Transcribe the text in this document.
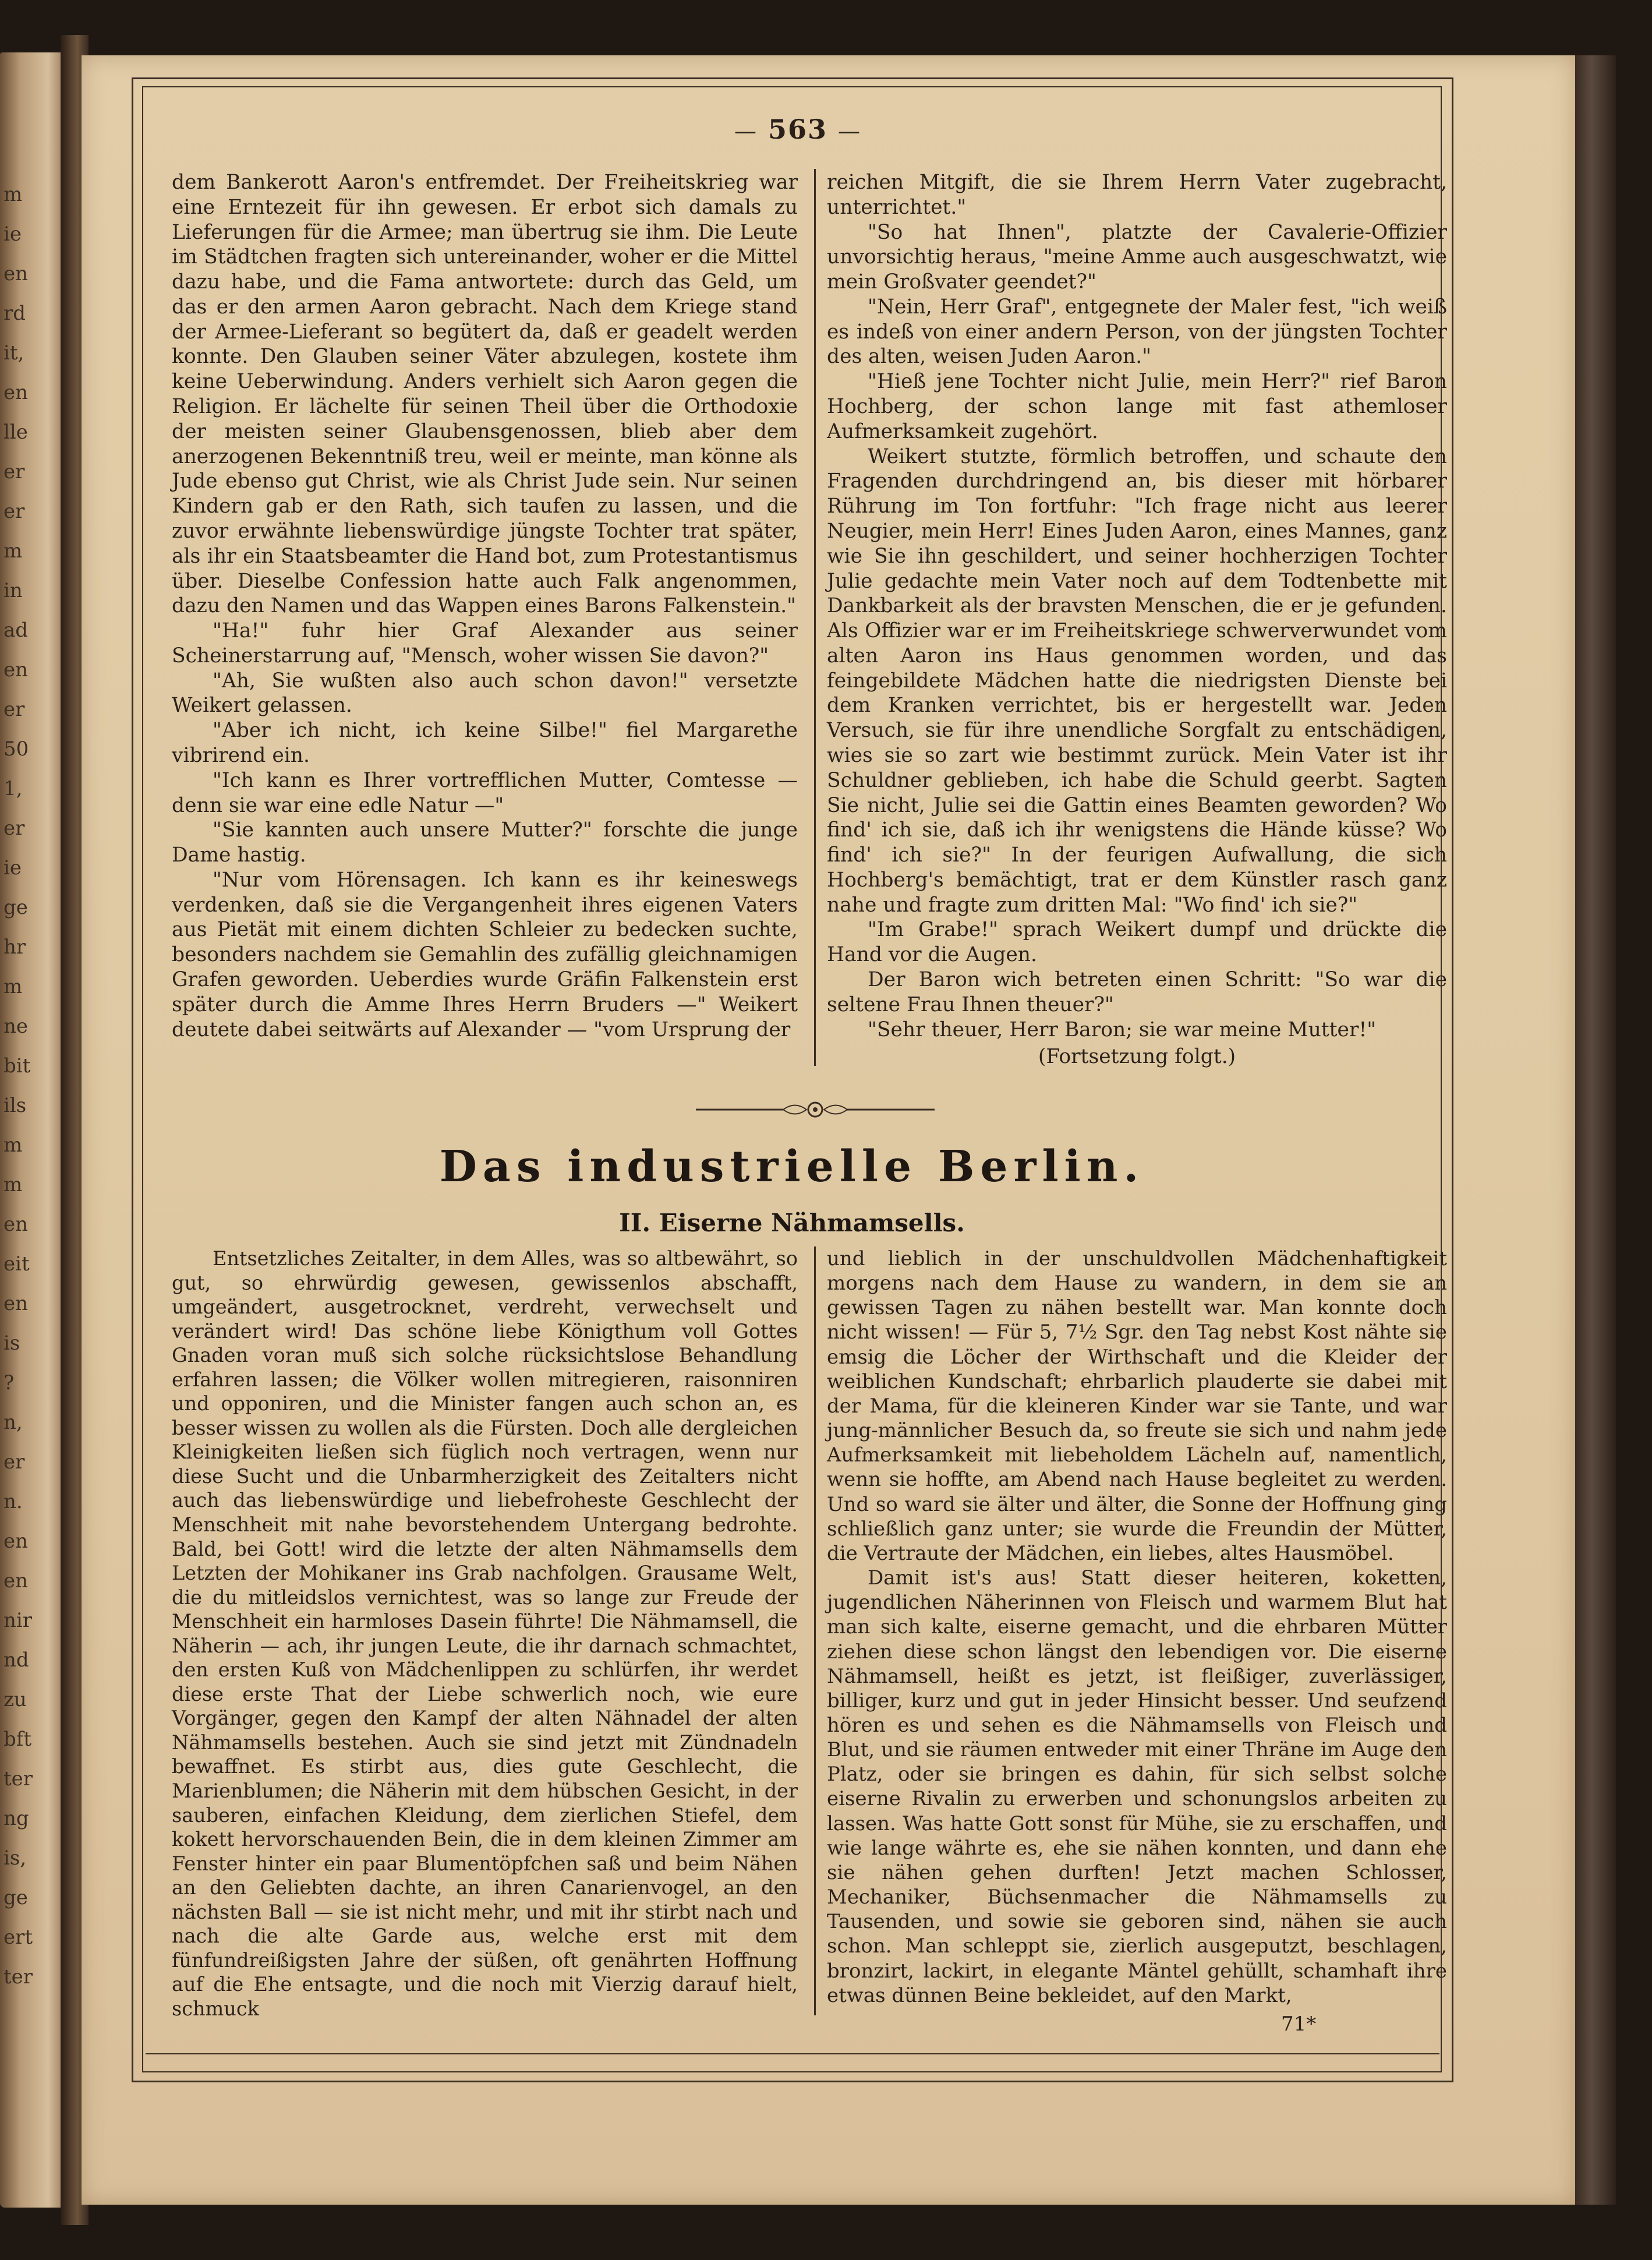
m
ie
en
rd
it,
en
lle
er
er
m
in
ad
en
er
50
1,
er
ie
ge
hr
m
ne
bit
ils
m
m
en
eit
en
is
?
n,
er
n.
en
en
nir
nd
zu
bft
ter
ng
is,
ge
ert
ter
— 563 —

dem Bankerott Aaron's entfremdet. Der Freiheitskrieg war eine Erntezeit für ihn gewesen. Er erbot sich damals zu Lieferungen für die Armee; man übertrug sie ihm. Die Leute im Städtchen fragten sich untereinander, woher er die Mittel dazu habe, und die Fama antwortete: durch das Geld, um das er den armen Aaron gebracht. Nach dem Kriege stand der Armee-Lieferant so begütert da, daß er geadelt werden konnte. Den Glauben seiner Väter abzulegen, kostete ihm keine Ueberwindung. Anders verhielt sich Aaron gegen die Religion. Er lächelte für seinen Theil über die Orthodoxie der meisten seiner Glaubensgenossen, blieb aber dem anerzogenen Bekenntniß treu, weil er meinte, man könne als Jude ebenso gut Christ, wie als Christ Jude sein. Nur seinen Kindern gab er den Rath, sich taufen zu lassen, und die zuvor erwähnte liebenswürdige jüngste Tochter trat später, als ihr ein Staatsbeamter die Hand bot, zum Protestantismus über. Dieselbe Confession hatte auch Falk angenommen, dazu den Namen und das Wappen eines Barons Falkenstein."

"Ha!" fuhr hier Graf Alexander aus seiner Scheinerstarrung auf, "Mensch, woher wissen Sie davon?"

"Ah, Sie wußten also auch schon davon!" versetzte Weikert gelassen.

"Aber ich nicht, ich keine Silbe!" fiel Margarethe vibrirend ein.

"Ich kann es Ihrer vortrefflichen Mutter, Comtesse — denn sie war eine edle Natur —"

"Sie kannten auch unsere Mutter?" forschte die junge Dame hastig.

"Nur vom Hörensagen. Ich kann es ihr keineswegs verdenken, daß sie die Vergangenheit ihres eigenen Vaters aus Pietät mit einem dichten Schleier zu bedecken suchte, besonders nachdem sie Gemahlin des zufällig gleichnamigen Grafen geworden. Ueberdies wurde Gräfin Falkenstein erst später durch die Amme Ihres Herrn Bruders —" Weikert deutete dabei seitwärts auf Alexander — "vom Ursprung der

reichen Mitgift, die sie Ihrem Herrn Vater zugebracht, unterrichtet."

"So hat Ihnen", platzte der Cavalerie-Offizier unvorsichtig heraus, "meine Amme auch ausgeschwatzt, wie mein Großvater geendet?"

"Nein, Herr Graf", entgegnete der Maler fest, "ich weiß es indeß von einer andern Person, von der jüngsten Tochter des alten, weisen Juden Aaron."

"Hieß jene Tochter nicht Julie, mein Herr?" rief Baron Hochberg, der schon lange mit fast athemloser Aufmerksamkeit zugehört.

Weikert stutzte, förmlich betroffen, und schaute den Fragenden durchdringend an, bis dieser mit hörbarer Rührung im Ton fortfuhr: "Ich frage nicht aus leerer Neugier, mein Herr! Eines Juden Aaron, eines Mannes, ganz wie Sie ihn geschildert, und seiner hochherzigen Tochter Julie gedachte mein Vater noch auf dem Todtenbette mit Dankbarkeit als der bravsten Menschen, die er je gefunden. Als Offizier war er im Freiheitskriege schwerverwundet vom alten Aaron ins Haus genommen worden, und das feingebildete Mädchen hatte die niedrigsten Dienste bei dem Kranken verrichtet, bis er hergestellt war. Jeden Versuch, sie für ihre unendliche Sorgfalt zu entschädigen, wies sie so zart wie bestimmt zurück. Mein Vater ist ihr Schuldner geblieben, ich habe die Schuld geerbt. Sagten Sie nicht, Julie sei die Gattin eines Beamten geworden? Wo find' ich sie, daß ich ihr wenigstens die Hände küsse? Wo find' ich sie?" In der feurigen Aufwallung, die sich Hochberg's bemächtigt, trat er dem Künstler rasch ganz nahe und fragte zum dritten Mal: "Wo find' ich sie?"

"Im Grabe!" sprach Weikert dumpf und drückte die Hand vor die Augen.

Der Baron wich betreten einen Schritt: "So war die seltene Frau Ihnen theuer?"

"Sehr theuer, Herr Baron; sie war meine Mutter!"

(Fortsetzung folgt.)

Das industrielle Berlin.
II. Eiserne Nähmamsells.

Entsetzliches Zeitalter, in dem Alles, was so altbewährt, so gut, so ehrwürdig gewesen, gewissenlos abschafft, umgeändert, ausgetrocknet, verdreht, verwechselt und verändert wird! Das schöne liebe Königthum voll Gottes Gnaden voran muß sich solche rücksichtslose Behandlung erfahren lassen; die Völker wollen mitregieren, raisonniren und opponiren, und die Minister fangen auch schon an, es besser wissen zu wollen als die Fürsten. Doch alle dergleichen Kleinigkeiten ließen sich füglich noch vertragen, wenn nur diese Sucht und die Unbarmherzigkeit des Zeitalters nicht auch das liebenswürdige und liebefroheste Geschlecht der Menschheit mit nahe bevorstehendem Untergang bedrohte. Bald, bei Gott! wird die letzte der alten Nähmamsells dem Letzten der Mohikaner ins Grab nachfolgen. Grausame Welt, die du mitleidslos vernichtest, was so lange zur Freude der Menschheit ein harmloses Dasein führte! Die Nähmamsell, die Näherin — ach, ihr jungen Leute, die ihr darnach schmachtet, den ersten Kuß von Mädchenlippen zu schlürfen, ihr werdet diese erste That der Liebe schwerlich noch, wie eure Vorgänger, gegen den Kampf der alten Nähnadel der alten Nähmamsells bestehen. Auch sie sind jetzt mit Zündnadeln bewaffnet. Es stirbt aus, dies gute Geschlecht, die Marienblumen; die Näherin mit dem hübschen Gesicht, in der sauberen, einfachen Kleidung, dem zierlichen Stiefel, dem kokett hervorschauenden Bein, die in dem kleinen Zimmer am Fenster hinter ein paar Blumentöpfchen saß und beim Nähen an den Geliebten dachte, an ihren Canarienvogel, an den nächsten Ball — sie ist nicht mehr, und mit ihr stirbt nach und nach die alte Garde aus, welche erst mit dem fünfundreißigsten Jahre der süßen, oft genährten Hoffnung auf die Ehe entsagte, und die noch mit Vierzig darauf hielt, schmuck

und lieblich in der unschuldvollen Mädchenhaftigkeit morgens nach dem Hause zu wandern, in dem sie an gewissen Tagen zu nähen bestellt war. Man konnte doch nicht wissen! — Für 5, 7½ Sgr. den Tag nebst Kost nähte sie emsig die Löcher der Wirthschaft und die Kleider der weiblichen Kundschaft; ehrbarlich plauderte sie dabei mit der Mama, für die kleineren Kinder war sie Tante, und war jung-männlicher Besuch da, so freute sie sich und nahm jede Aufmerksamkeit mit liebeholdem Lächeln auf, namentlich, wenn sie hoffte, am Abend nach Hause begleitet zu werden. Und so ward sie älter und älter, die Sonne der Hoffnung ging schließlich ganz unter; sie wurde die Freundin der Mütter, die Vertraute der Mädchen, ein liebes, altes Hausmöbel.

Damit ist's aus! Statt dieser heiteren, koketten, jugendlichen Näherinnen von Fleisch und warmem Blut hat man sich kalte, eiserne gemacht, und die ehrbaren Mütter ziehen diese schon längst den lebendigen vor. Die eiserne Nähmamsell, heißt es jetzt, ist fleißiger, zuverlässiger, billiger, kurz und gut in jeder Hinsicht besser. Und seufzend hören es und sehen es die Nähmamsells von Fleisch und Blut, und sie räumen entweder mit einer Thräne im Auge den Platz, oder sie bringen es dahin, für sich selbst solche eiserne Rivalin zu erwerben und schonungslos arbeiten zu lassen. Was hatte Gott sonst für Mühe, sie zu erschaffen, und wie lange währte es, ehe sie nähen konnten, und dann ehe sie nähen gehen durften! Jetzt machen Schlosser, Mechaniker, Büchsenmacher die Nähmamsells zu Tausenden, und sowie sie geboren sind, nähen sie auch schon. Man schleppt sie, zierlich ausgeputzt, beschlagen, bronzirt, lackirt, in elegante Mäntel gehüllt, schamhaft ihre etwas dünnen Beine bekleidet, auf den Markt,

71*
